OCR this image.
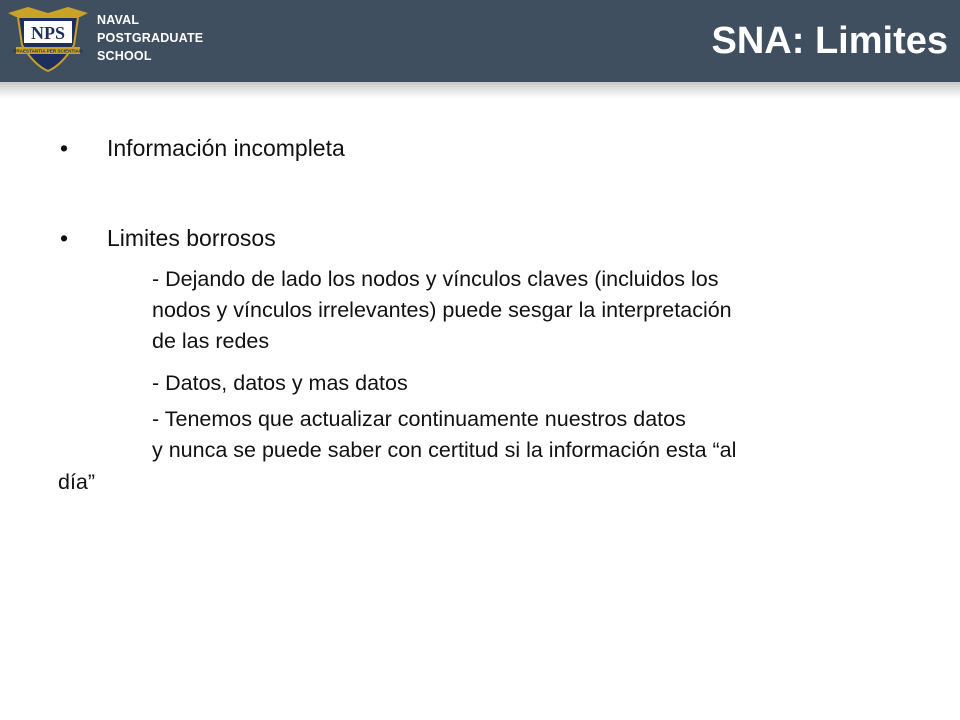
NPS
PRAESTANTIA PER SCIENTIAM
NAVAL
POSTGRADUATE
SCHOOL	SNA: Limites
• Información incompleta
• Limites borrosos
- Dejando de lado los nodos y vínculos claves (incluidos los
nodos y vínculos irrelevantes) puede sesgar la interpretación
de las redes
- Datos, datos y mas datos
- Tenemos que actualizar continuamente nuestros datos
y nunca se puede saber con certitud si la información esta “al
día”
